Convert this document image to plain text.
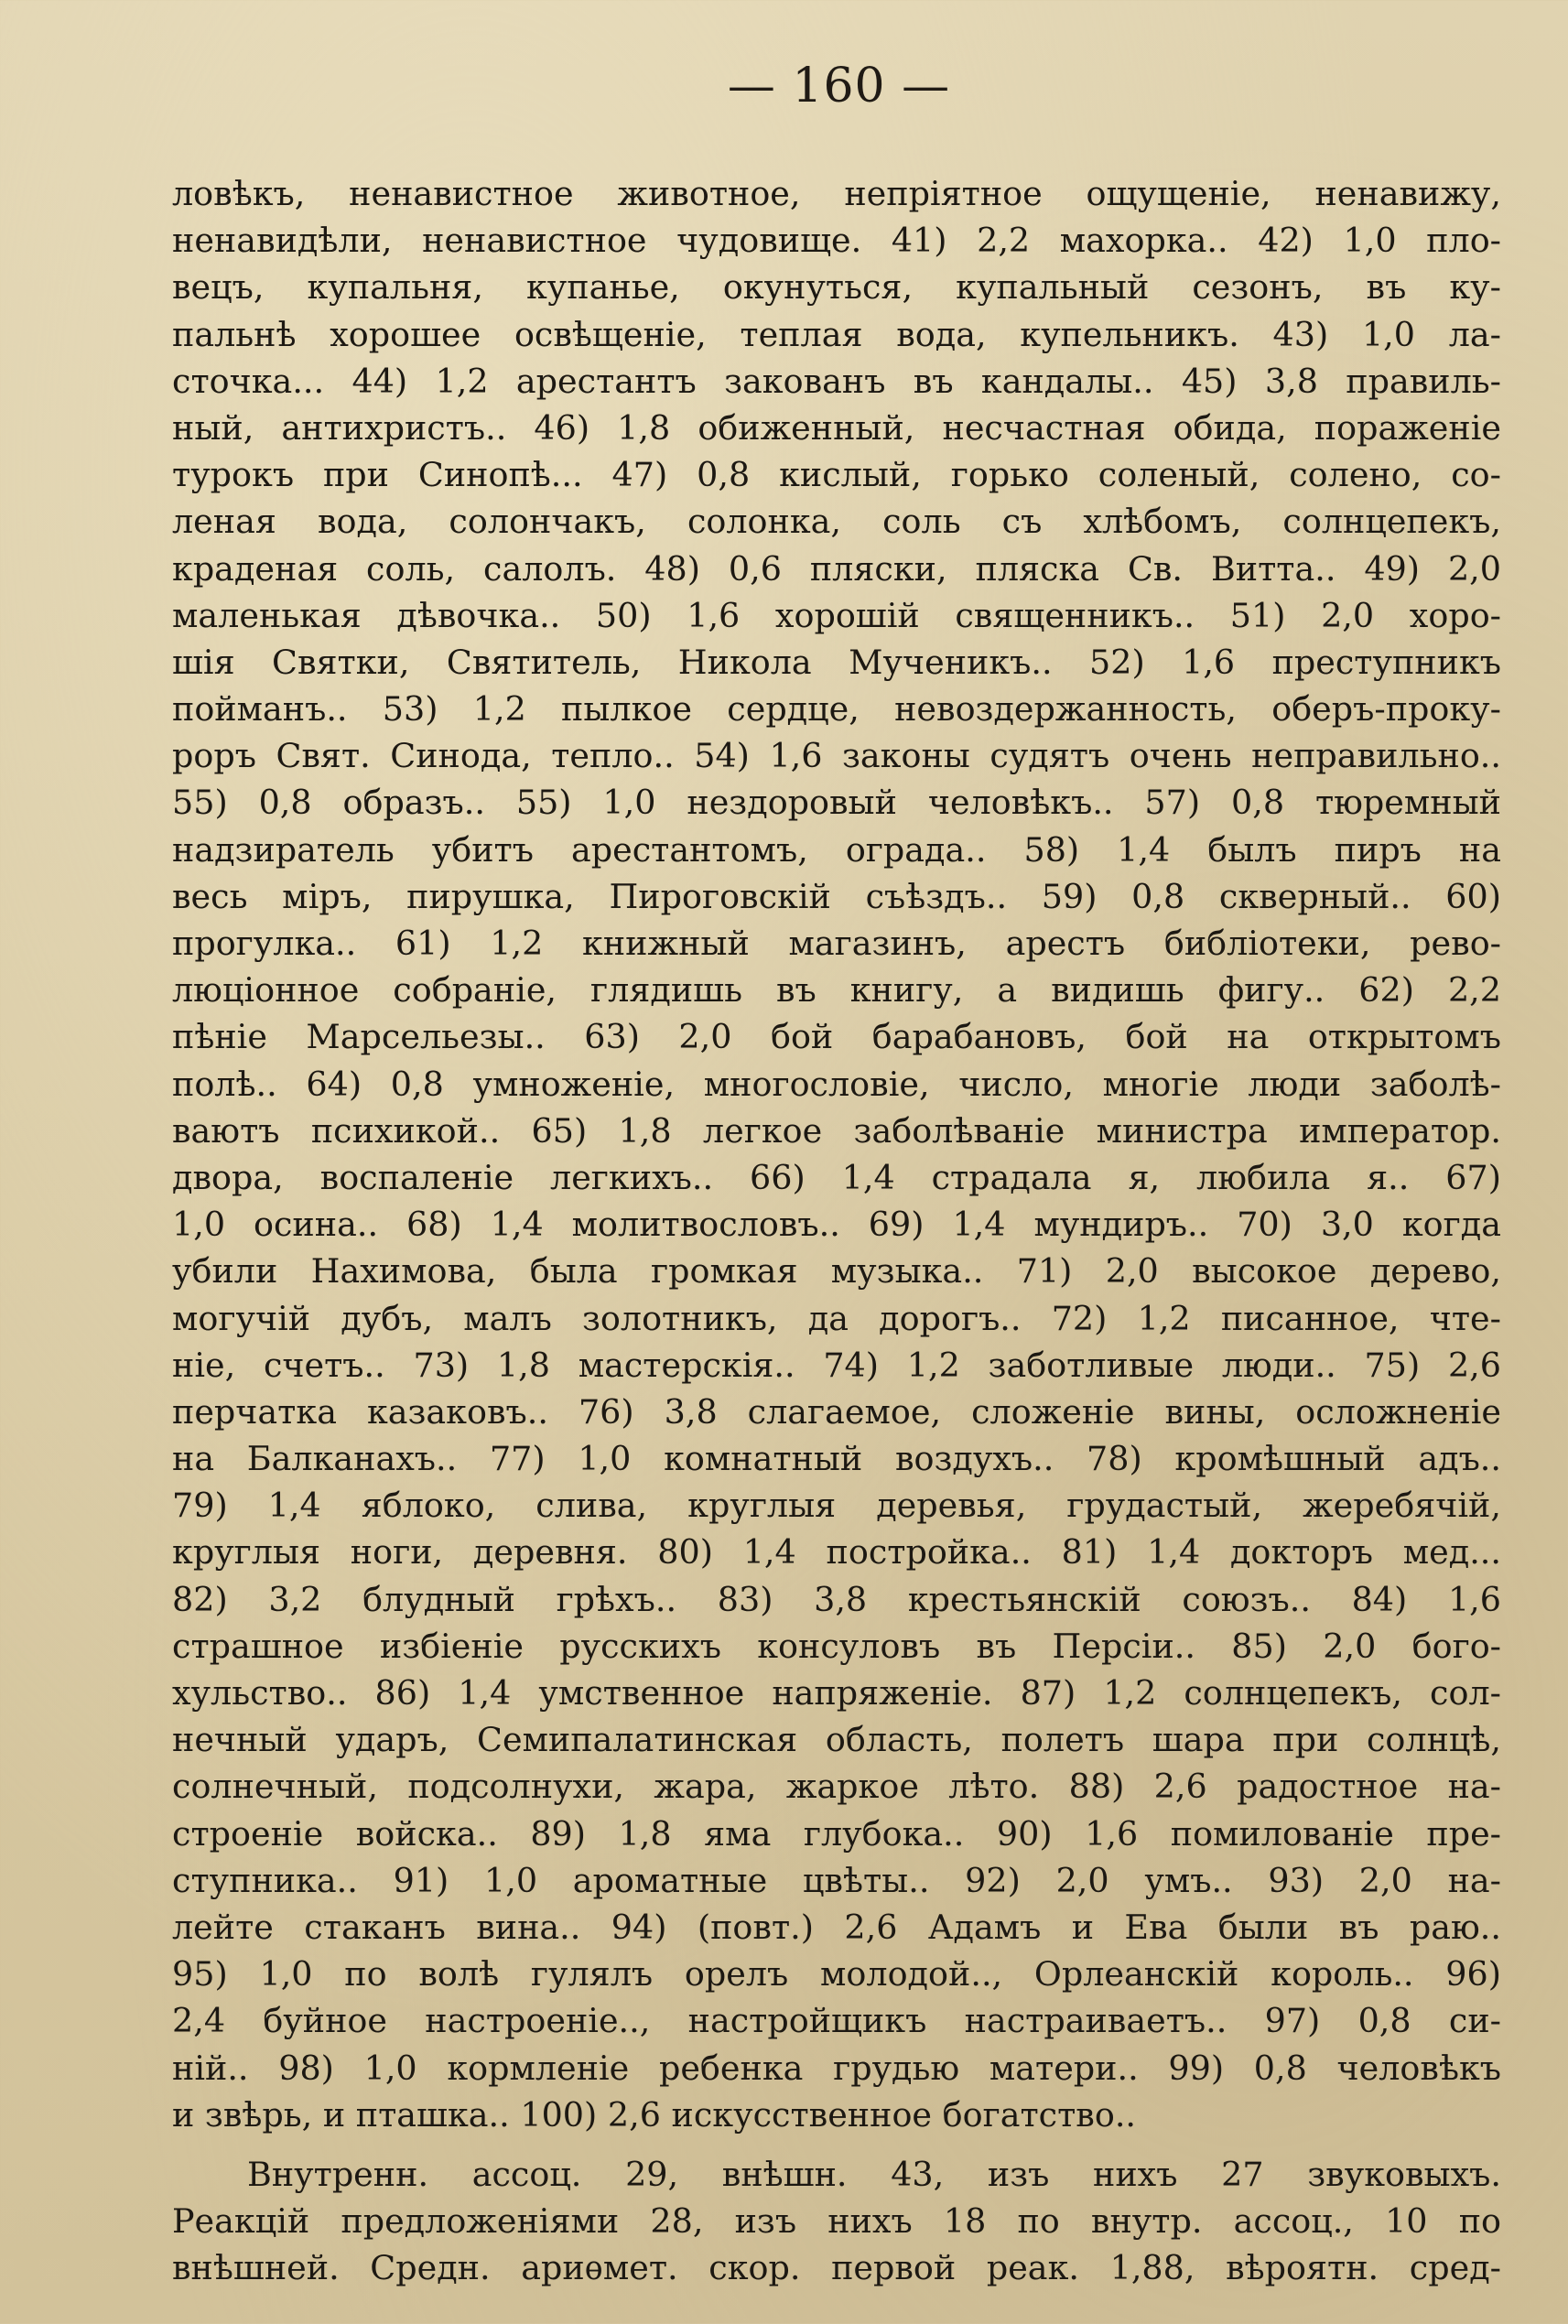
— 160 —
ловѣкъ, ненавистное животное, непріятное ощущеніе, ненавижу,
ненавидѣли, ненавистное чудовище. 41) 2,2 махорка.. 42) 1,0 пло-
вецъ, купальня, купанье, окунуться, купальный сезонъ, въ ку-
пальнѣ хорошее освѣщеніе, теплая вода, купельникъ. 43) 1,0 ла-
сточка... 44) 1,2 арестантъ закованъ въ кандалы.. 45) 3,8 правиль-
ный, антихристъ.. 46) 1,8 обиженный, несчастная обида, пораженіе
турокъ при Синопѣ... 47) 0,8 кислый, горько соленый, солено, со-
леная вода, солончакъ, солонка, соль съ хлѣбомъ, солнцепекъ,
краденая соль, салолъ. 48) 0,6 пляски, пляска Св. Витта.. 49) 2,0
маленькая дѣвочка.. 50) 1,6 хорошій священникъ.. 51) 2,0 хоро-
шія Святки, Святитель, Никола Мученикъ.. 52) 1,6 преступникъ
пойманъ.. 53) 1,2 пылкое сердце, невоздержанность, оберъ-проку-
роръ Свят. Синода, тепло.. 54) 1,6 законы судятъ очень неправильно..
55) 0,8 образъ.. 55) 1,0 нездоровый человѣкъ.. 57) 0,8 тюремный
надзиратель убитъ арестантомъ, ограда.. 58) 1,4 былъ пиръ на
весь міръ, пирушка, Пироговскій съѣздъ.. 59) 0,8 скверный.. 60)
прогулка.. 61) 1,2 книжный магазинъ, арестъ библіотеки, рево-
люціонное собраніе, глядишь въ книгу, а видишь фигу.. 62) 2,2
пѣніе Марсельезы.. 63) 2,0 бой барабановъ, бой на открытомъ
полѣ.. 64) 0,8 умноженіе, многословіе, число, многіе люди заболѣ-
ваютъ психикой.. 65) 1,8 легкое заболѣваніе министра император.
двора, воспаленіе легкихъ.. 66) 1,4 страдала я, любила я.. 67)
1,0 осина.. 68) 1,4 молитвословъ.. 69) 1,4 мундиръ.. 70) 3,0 когда
убили Нахимова, была громкая музыка.. 71) 2,0 высокое дерево,
могучій дубъ, малъ золотникъ, да дорогъ.. 72) 1,2 писанное, чте-
ніе, счетъ.. 73) 1,8 мастерскія.. 74) 1,2 заботливые люди.. 75) 2,6
перчатка казаковъ.. 76) 3,8 слагаемое, сложеніе вины, осложненіе
на Балканахъ.. 77) 1,0 комнатный воздухъ.. 78) кромѣшный адъ..
79) 1,4 яблоко, слива, круглыя деревья, грудастый, жеребячій,
круглыя ноги, деревня. 80) 1,4 постройка.. 81) 1,4 докторъ мед...
82) 3,2 блудный грѣхъ.. 83) 3,8 крестьянскій союзъ.. 84) 1,6
страшное избіеніе русскихъ консуловъ въ Персіи.. 85) 2,0 бого-
хульство.. 86) 1,4 умственное напряженіе. 87) 1,2 солнцепекъ, сол-
нечный ударъ, Семипалатинская область, полетъ шара при солнцѣ,
солнечный, подсолнухи, жара, жаркое лѣто. 88) 2,6 радостное на-
строеніе войска.. 89) 1,8 яма глубока.. 90) 1,6 помилованіе пре-
ступника.. 91) 1,0 ароматные цвѣты.. 92) 2,0 умъ.. 93) 2,0 на-
лейте стаканъ вина.. 94) (повт.) 2,6 Адамъ и Ева были въ раю..
95) 1,0 по волѣ гулялъ орелъ молодой.., Орлеанскій король.. 96)
2,4 буйное настроеніе.., настройщикъ настраиваетъ.. 97) 0,8 си-
ній.. 98) 1,0 кормленіе ребенка грудью матери.. 99) 0,8 человѣкъ
и звѣрь, и пташка.. 100) 2,6 искусственное богатство..
Внутренн. ассоц. 29, внѣшн. 43, изъ нихъ 27 звуковыхъ.
Реакцій предложеніями 28, изъ нихъ 18 по внутр. ассоц., 10 по
внѣшней. Средн. ариѳмет. скор. первой реак. 1,88, вѣроятн. сред-
